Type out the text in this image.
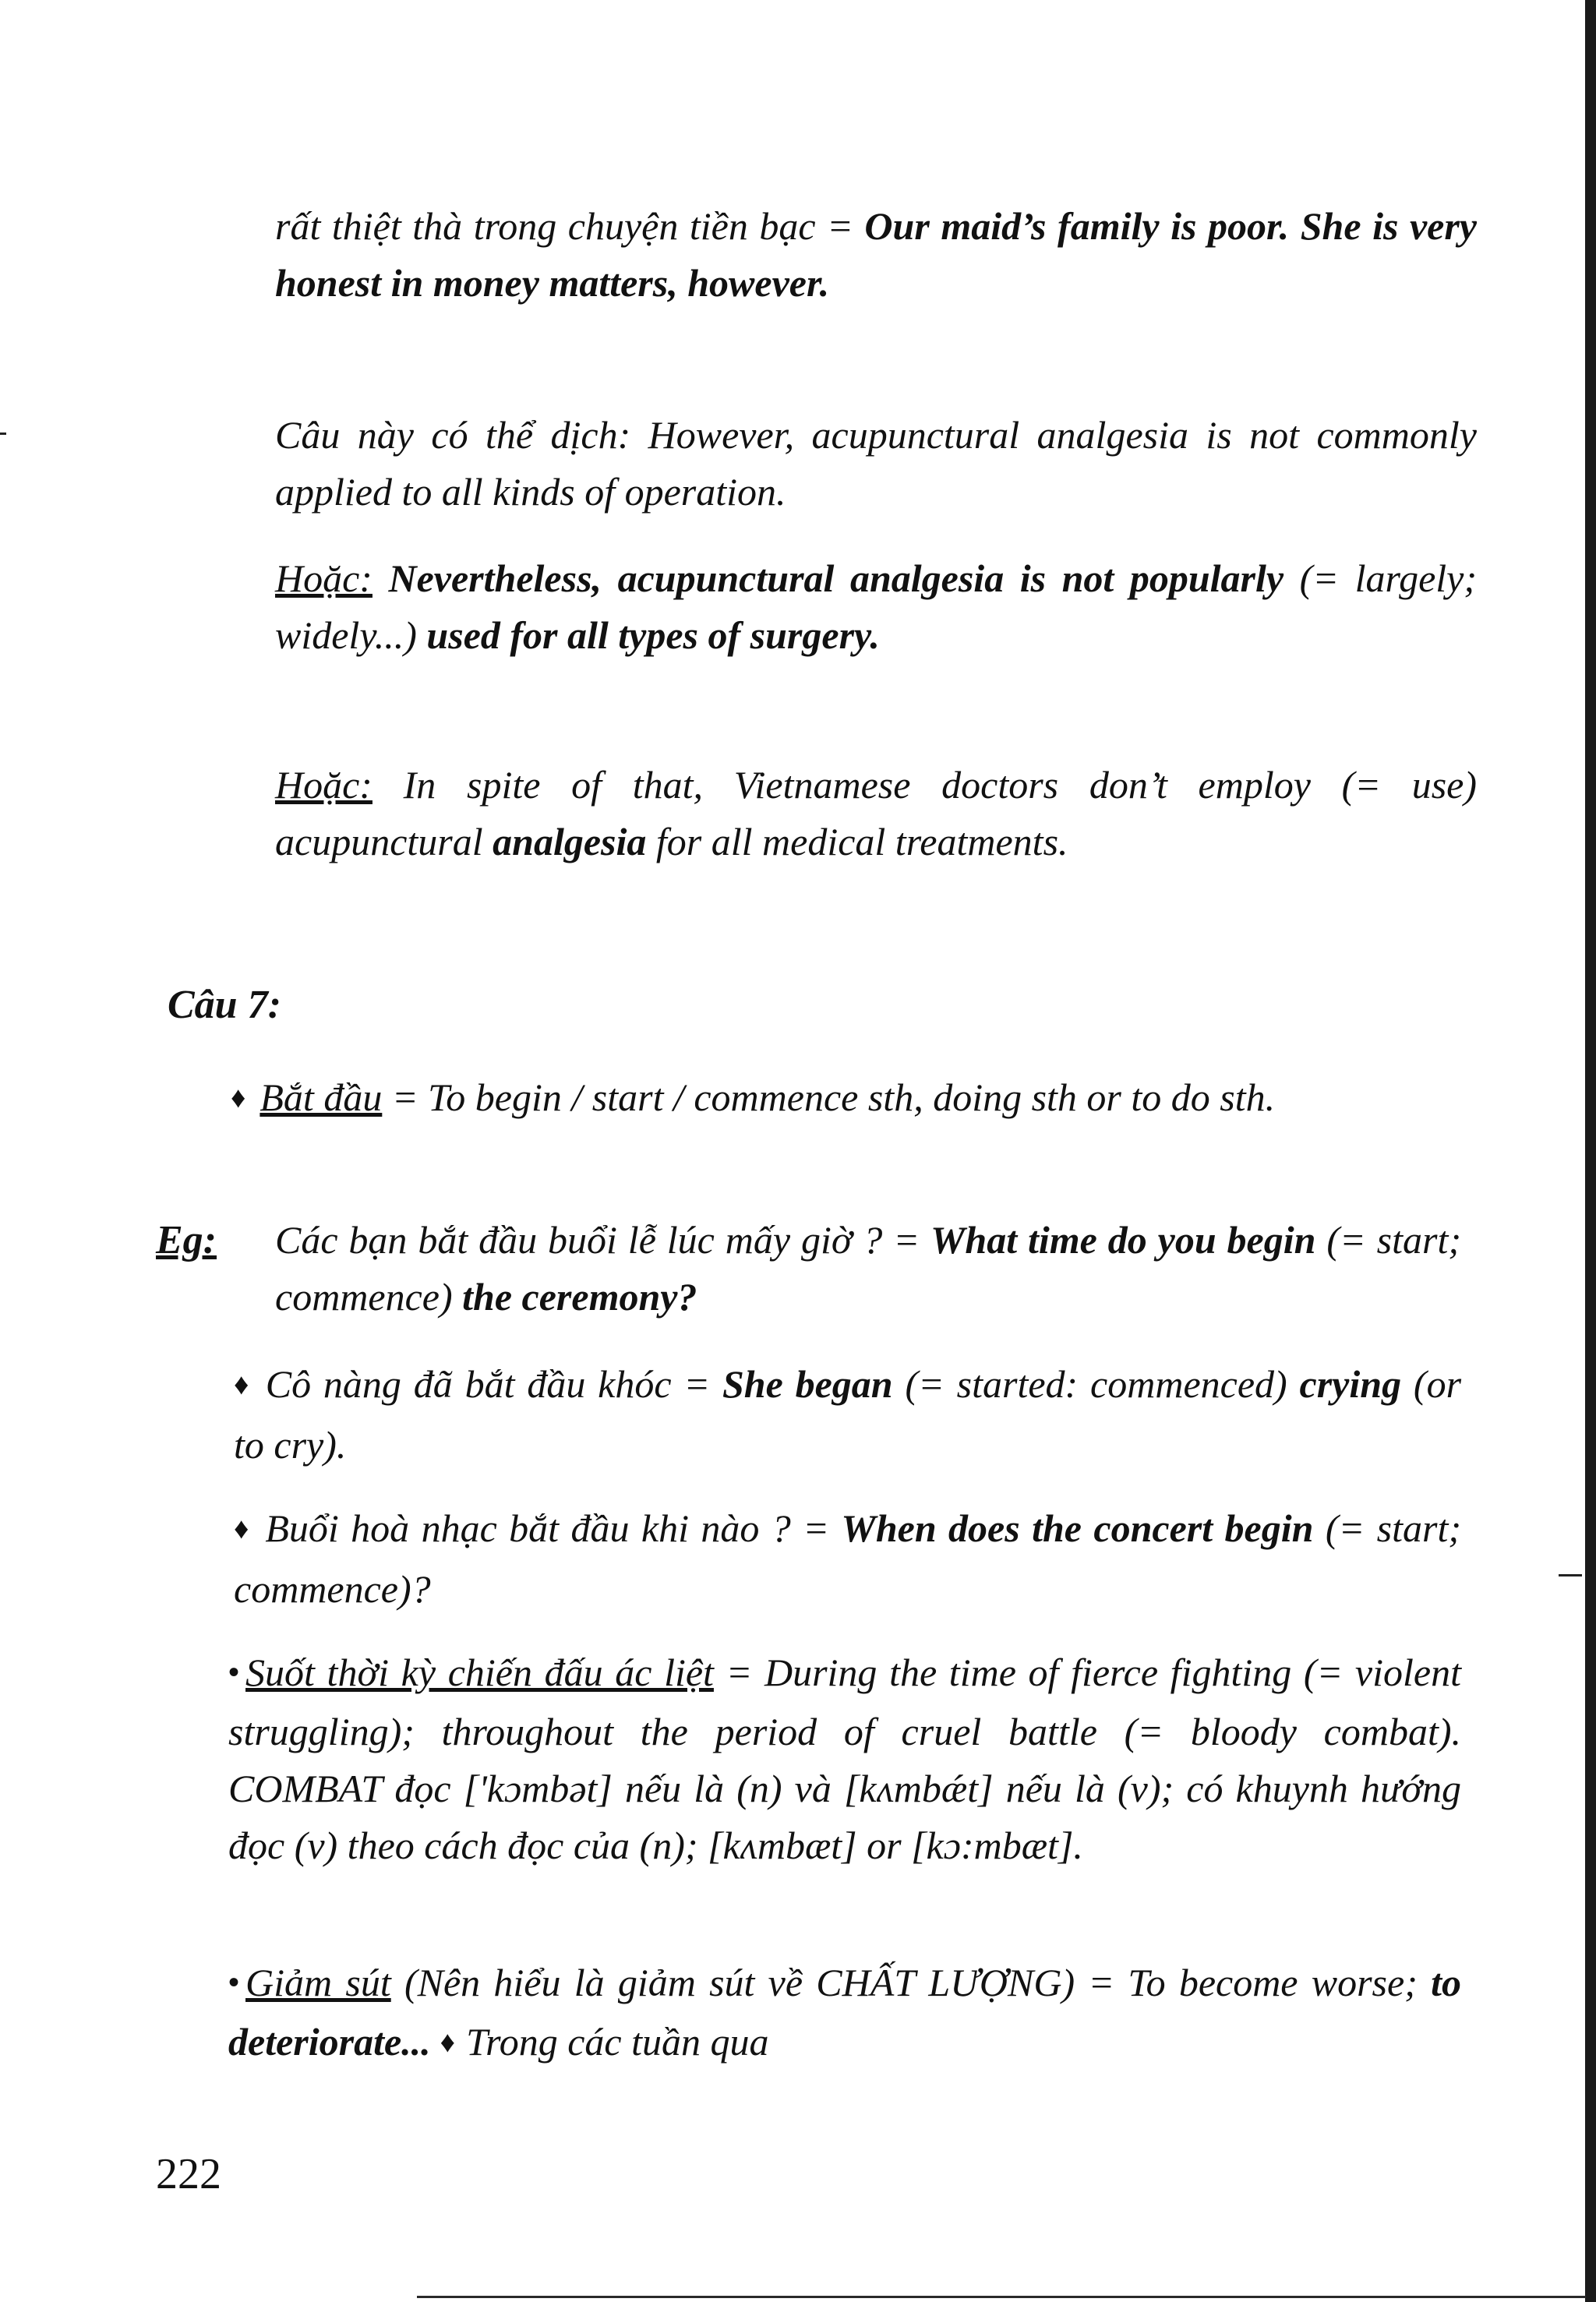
rất thiệt thà trong chuyện tiền bạc = Our maid’s family is poor. She is very honest in money matters, however.

Câu này có thể dịch: However, acupunctural analgesia is not commonly applied to all kinds of operation.

Hoặc: Nevertheless, acupunctural analgesia is not popularly (= largely; widely...) used for all types of surgery.

Hoặc: In spite of that, Vietnamese doctors don’t employ (= use) acupunctural analgesia for all medical treatments.

Câu 7:

♦ Bắt đầu = To begin / start / commence sth, doing sth or to do sth.

Eg: Các bạn bắt đầu buổi lễ lúc mấy giờ ? = What time do you begin (= start; commence) the ceremony?

♦ Cô nàng đã bắt đầu khóc = She began (= started: commenced) crying (or to cry).

♦ Buổi hoà nhạc bắt đầu khi nào ? = When does the concert begin (= start; commence)?

• Suốt thời kỳ chiến đấu ác liệt = During the time of fierce fighting (= violent struggling); throughout the period of cruel battle (= bloody combat). COMBAT đọc ['kɔmbət] nếu là (n) và [kʌmbǽt] nếu là (v); có khuynh hướng đọc (v) theo cách đọc của (n); [kʌmbæt] or [kɔ:mbæt].

• Giảm sút (Nên hiểu là giảm sút về CHẤT LƯỢNG) = To become worse; to deteriorate... ♦ Trong các tuần qua

222
